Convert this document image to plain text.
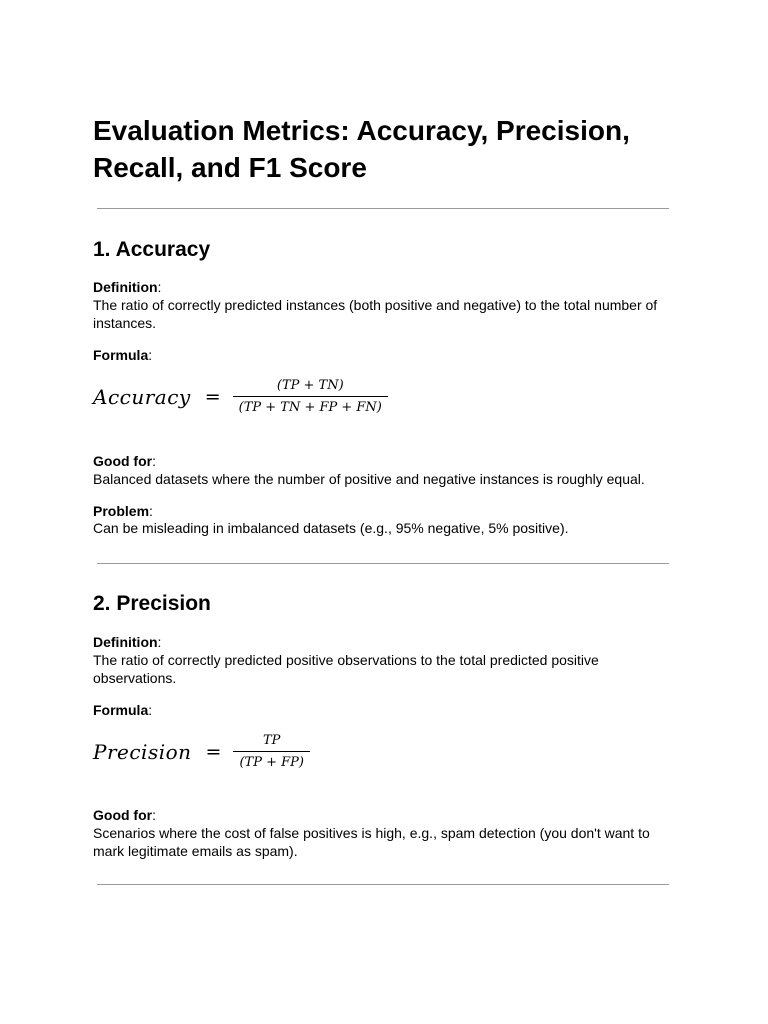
Evaluation Metrics: Accuracy, Precision, Recall, and F1 Score
1. Accuracy
Definition:
The ratio of correctly predicted instances (both positive and negative) to the total number of instances.
Formula:
Accuracy = $\frac{(TP + TN)}{(TP + TN + FP + FN)}$
Good for:
Balanced datasets where the number of positive and negative instances is roughly equal.
Problem:
Can be misleading in imbalanced datasets (e.g., 95% negative, 5% positive).
2. Precision
Definition:
The ratio of correctly predicted positive observations to the total predicted positive observations.
Formula:
Precision = $\frac{TP}{(TP + FP)}$
Good for:
Scenarios where the cost of false positives is high, e.g., spam detection (you don't want to mark legitimate emails as spam).
